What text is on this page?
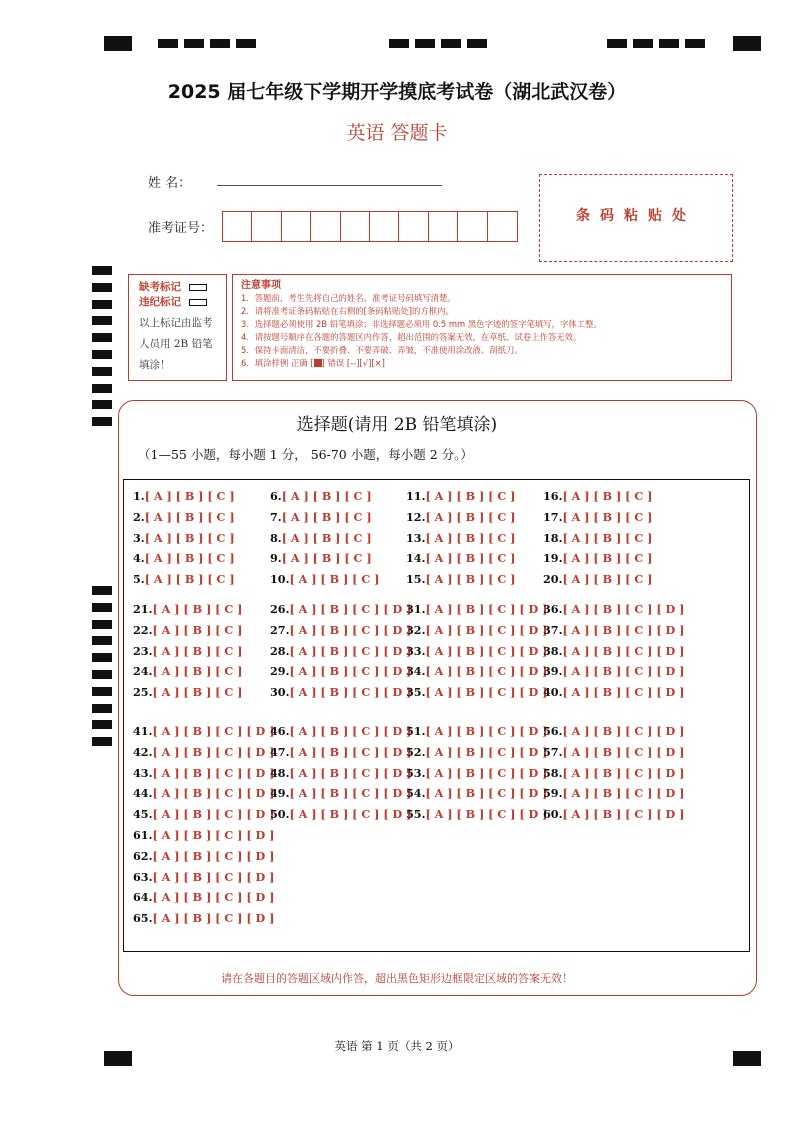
2025 届七年级下学期开学摸底考试卷（湖北武汉卷）
英语 答题卡
姓 名：
准考证号：
条码粘贴处
缺考标记
违纪标记
以上标记由监考人员用 2B 铅笔填涂！
注意事项
1．答题前，考生先将自己的姓名、准考证号码填写清楚。
2．请将准考证条码粘贴在右侧的[条码粘贴处]的方框内。
3．选择题必须使用 2B 铅笔填涂；非选择题必须用 0.5 mm 黑色字迹的签字笔填写，字体工整。
4．请按题号顺序在各题的答题区内作答，超出范围的答案无效，在草纸、试卷上作答无效。
5．保持卡面清洁，不要折叠、不要弄破、弄皱，不准使用涂改液、刮纸刀。
6．填涂样例 正确 [ ] 错误 [--][√][×]
选择题(请用 2B 铅笔填涂)
（1—55 小题，每小题 1 分， 56-70 小题，每小题 2 分。）
1.[ A ] [ B ] [ C ]
2.[ A ] [ B ] [ C ]
3.[ A ] [ B ] [ C ]
4.[ A ] [ B ] [ C ]
5.[ A ] [ B ] [ C ]
6.[ A ] [ B ] [ C ]
7.[ A ] [ B ] [ C ]
8.[ A ] [ B ] [ C ]
9.[ A ] [ B ] [ C ]
10.[ A ] [ B ] [ C ]
11.[ A ] [ B ] [ C ]
12.[ A ] [ B ] [ C ]
13.[ A ] [ B ] [ C ]
14.[ A ] [ B ] [ C ]
15.[ A ] [ B ] [ C ]
16.[ A ] [ B ] [ C ]
17.[ A ] [ B ] [ C ]
18.[ A ] [ B ] [ C ]
19.[ A ] [ B ] [ C ]
20.[ A ] [ B ] [ C ]
21.[ A ] [ B ] [ C ]
22.[ A ] [ B ] [ C ]
23.[ A ] [ B ] [ C ]
24.[ A ] [ B ] [ C ]
25.[ A ] [ B ] [ C ]
26.[ A ] [ B ] [ C ] [ D ]
27.[ A ] [ B ] [ C ] [ D ]
28.[ A ] [ B ] [ C ] [ D ]
29.[ A ] [ B ] [ C ] [ D ]
30.[ A ] [ B ] [ C ] [ D ]
31.[ A ] [ B ] [ C ] [ D ]
32.[ A ] [ B ] [ C ] [ D ]
33.[ A ] [ B ] [ C ] [ D ]
34.[ A ] [ B ] [ C ] [ D ]
35.[ A ] [ B ] [ C ] [ D ]
36.[ A ] [ B ] [ C ] [ D ]
37.[ A ] [ B ] [ C ] [ D ]
38.[ A ] [ B ] [ C ] [ D ]
39.[ A ] [ B ] [ C ] [ D ]
40.[ A ] [ B ] [ C ] [ D ]
41.[ A ] [ B ] [ C ] [ D ]
42.[ A ] [ B ] [ C ] [ D ]
43.[ A ] [ B ] [ C ] [ D ]
44.[ A ] [ B ] [ C ] [ D ]
45.[ A ] [ B ] [ C ] [ D ]
61.[ A ] [ B ] [ C ] [ D ]
62.[ A ] [ B ] [ C ] [ D ]
63.[ A ] [ B ] [ C ] [ D ]
64.[ A ] [ B ] [ C ] [ D ]
65.[ A ] [ B ] [ C ] [ D ]
46.[ A ] [ B ] [ C ] [ D ]
47.[ A ] [ B ] [ C ] [ D ]
48.[ A ] [ B ] [ C ] [ D ]
49.[ A ] [ B ] [ C ] [ D ]
50.[ A ] [ B ] [ C ] [ D ]
51.[ A ] [ B ] [ C ] [ D ]
52.[ A ] [ B ] [ C ] [ D ]
53.[ A ] [ B ] [ C ] [ D ]
54.[ A ] [ B ] [ C ] [ D ]
55.[ A ] [ B ] [ C ] [ D ]
56.[ A ] [ B ] [ C ] [ D ]
57.[ A ] [ B ] [ C ] [ D ]
58.[ A ] [ B ] [ C ] [ D ]
59.[ A ] [ B ] [ C ] [ D ]
60.[ A ] [ B ] [ C ] [ D ]
请在各题目的答题区域内作答，超出黑色矩形边框限定区域的答案无效！
英语 第 1 页（共 2 页）
